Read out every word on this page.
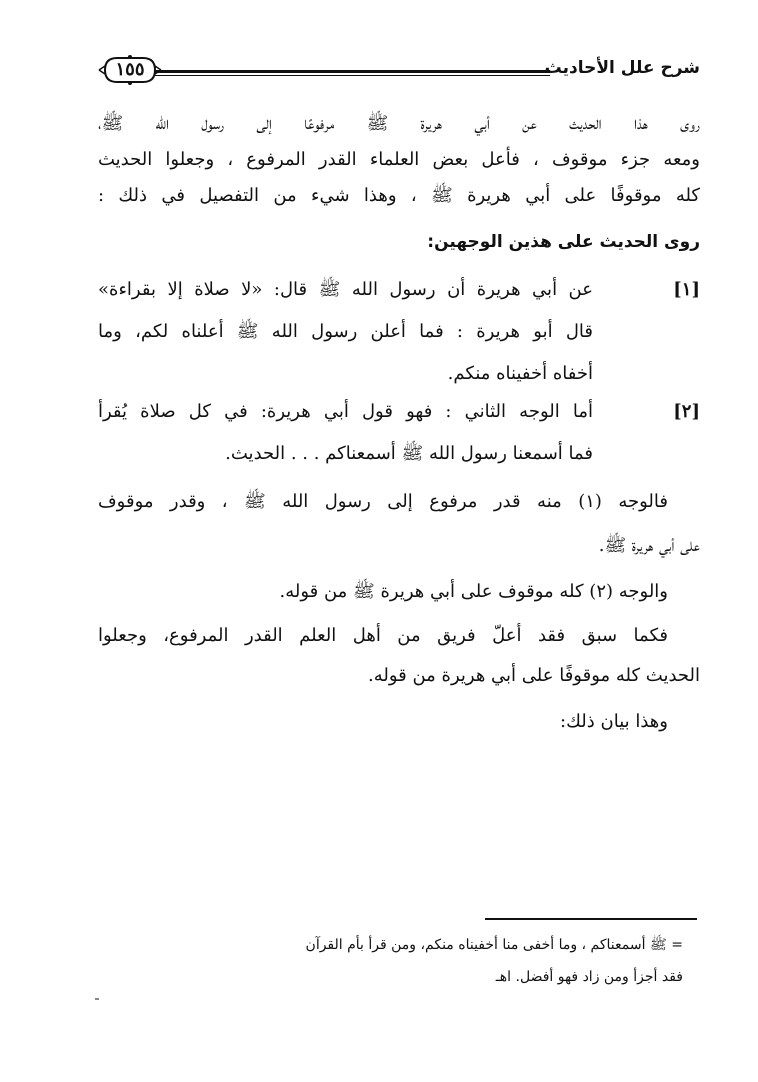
١٥٥	شرح علل الأحاديث
روى هذا الحديث عن أبي هريرة ﷺ مرفوعًا إلى رسول الله ﷺ،
ومعه جزء موقوف ، فأعل بعض العلماء القدر المرفوع ، وجعلوا الحديث
كله موقوفًا على أبي هريرة ﷺ ، وهذا شيء من التفصيل في ذلك :
روى الحديث على هذين الوجهين:
[١]
عن أبي هريرة أن رسول الله ﷺ قال: «لا صلاة إلا بقراءة»
قال أبو هريرة : فما أعلن رسول الله ﷺ أعلناه لكم، وما
أخفاه أخفيناه منكم.
[٢]
أما الوجه الثاني : فهو قول أبي هريرة: في كل صلاة يُقرأ
فما أسمعنا رسول الله ﷺ أسمعناكم . . . الحديث.
فالوجه (١) منه قدر مرفوع إلى رسول الله ﷺ ، وقدر موقوف
على أبي هريرة ﷺ.
والوجه (٢) كله موقوف على أبي هريرة ﷺ من قوله.
فكما سبق فقد أعلّ فريق من أهل العلم القدر المرفوع، وجعلوا
الحديث كله موقوفًا على أبي هريرة من قوله.
وهذا بيان ذلك:
= ﷺ أسمعناكم ، وما أخفى منا أخفيناه منكم، ومن قرأ بأم القرآن
فقد أجزأ ومن زاد فهو أفضل. اهـ
